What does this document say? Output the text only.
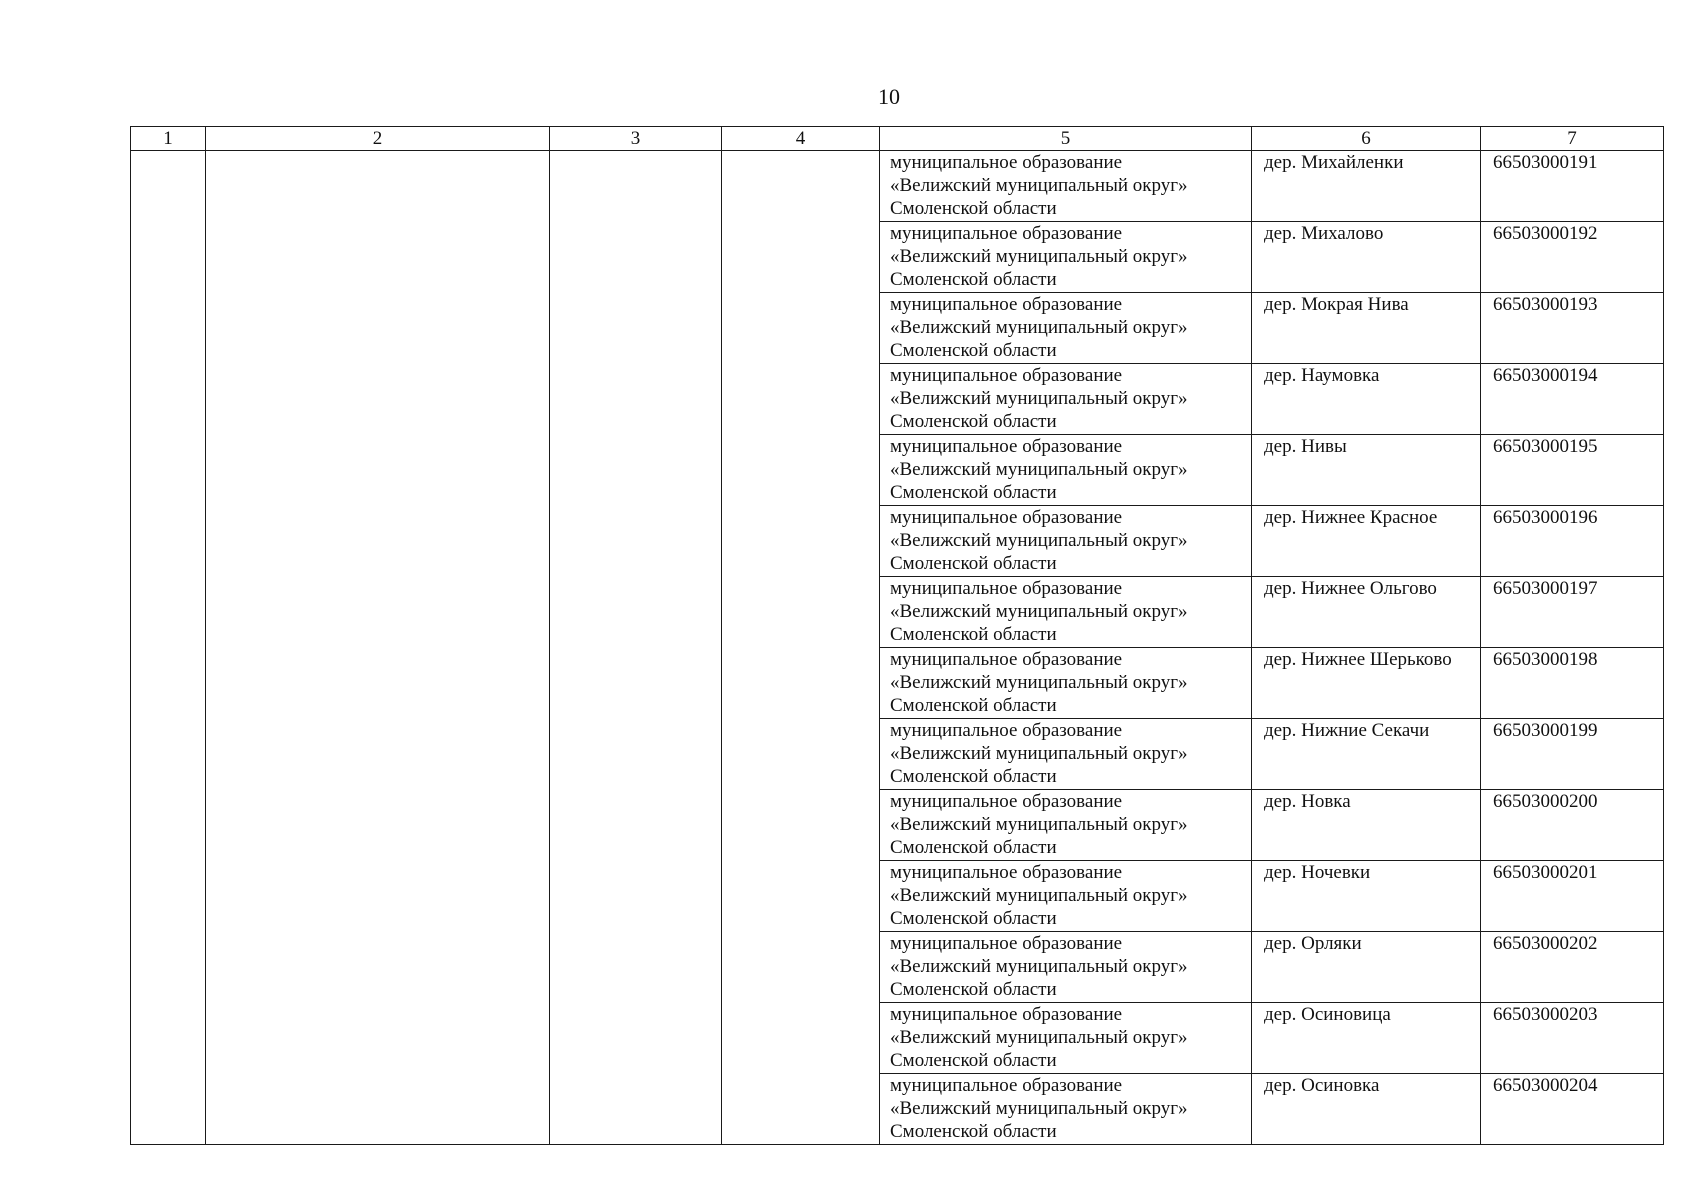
10
1	2	3	4	5	6	7

				муниципальное образование
«Велижский муниципальный округ»
Смоленской области	дер. Михайленки	66503000191

				муниципальное образование
«Велижский муниципальный округ»
Смоленской области	дер. Михалово	66503000192

				муниципальное образование
«Велижский муниципальный округ»
Смоленской области	дер. Мокрая Нива	66503000193

				муниципальное образование
«Велижский муниципальный округ»
Смоленской области	дер. Наумовка	66503000194

				муниципальное образование
«Велижский муниципальный округ»
Смоленской области	дер. Нивы	66503000195

				муниципальное образование
«Велижский муниципальный округ»
Смоленской области	дер. Нижнее Красное	66503000196

				муниципальное образование
«Велижский муниципальный округ»
Смоленской области	дер. Нижнее Ольгово	66503000197

				муниципальное образование
«Велижский муниципальный округ»
Смоленской области	дер. Нижнее Шерьково	66503000198

				муниципальное образование
«Велижский муниципальный округ»
Смоленской области	дер. Нижние Секачи	66503000199

				муниципальное образование
«Велижский муниципальный округ»
Смоленской области	дер. Новка	66503000200

				муниципальное образование
«Велижский муниципальный округ»
Смоленской области	дер. Ночевки	66503000201

				муниципальное образование
«Велижский муниципальный округ»
Смоленской области	дер. Орляки	66503000202

				муниципальное образование
«Велижский муниципальный округ»
Смоленской области	дер. Осиновица	66503000203

				муниципальное образование
«Велижский муниципальный округ»
Смоленской области	дер. Осиновка	66503000204
